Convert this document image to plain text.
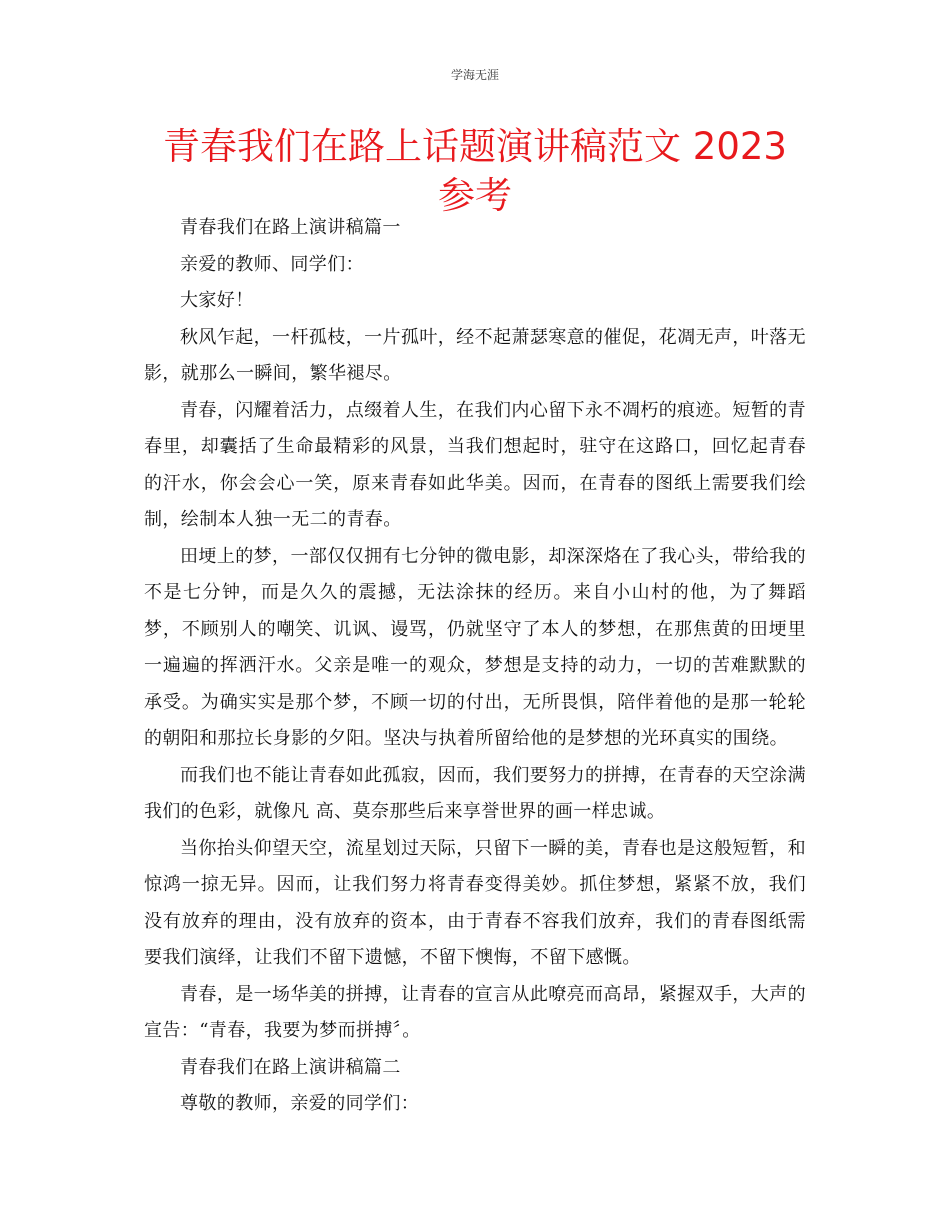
学海无涯
青春我们在路上话题演讲稿范文 2023 参考

青春我们在路上演讲稿篇一

亲爱的教师、同学们：

大家好！

秋风乍起，一杆孤枝，一片孤叶，经不起萧瑟寒意的催促，花凋无声，叶落无影，就那么一瞬间，繁华褪尽。

青春，闪耀着活力，点缀着人生，在我们内心留下永不凋朽的痕迹。短暂的青春里，却囊括了生命最精彩的风景，当我们想起时，驻守在这路口，回忆起青春的汗水，你会会心一笑，原来青春如此华美。因而，在青春的图纸上需要我们绘制，绘制本人独一无二的青春。

田埂上的梦，一部仅仅拥有七分钟的微电影，却深深烙在了我心头，带给我的不是七分钟，而是久久的震撼，无法涂抹的经历。来自小山村的他，为了舞蹈梦，不顾别人的嘲笑、讥讽、谩骂，仍就坚守了本人的梦想，在那焦黄的田埂里一遍遍的挥洒汗水。父亲是唯一的观众，梦想是支持的动力，一切的苦难默默的承受。为确实实是那个梦，不顾一切的付出，无所畏惧，陪伴着他的是那一轮轮的朝阳和那拉长身影的夕阳。坚决与执着所留给他的是梦想的光环真实的围绕。

而我们也不能让青春如此孤寂，因而，我们要努力的拼搏，在青春的天空涂满我们的色彩，就像凡 高、莫奈那些后来享誉世界的画一样忠诚。

当你抬头仰望天空，流星划过天际，只留下一瞬的美，青春也是这般短暂，和惊鸿一掠无异。因而，让我们努力将青春变得美妙。抓住梦想，紧紧不放，我们没有放弃的理由，没有放弃的资本，由于青春不容我们放弃，我们的青春图纸需要我们演绎，让我们不留下遗憾，不留下懊悔，不留下感慨。

青春，是一场华美的拼搏，让青春的宣言从此嘹亮而高昂，紧握双手，大声的宣告：“青春，我要为梦而拼搏〞。

青春我们在路上演讲稿篇二

尊敬的教师，亲爱的同学们：
